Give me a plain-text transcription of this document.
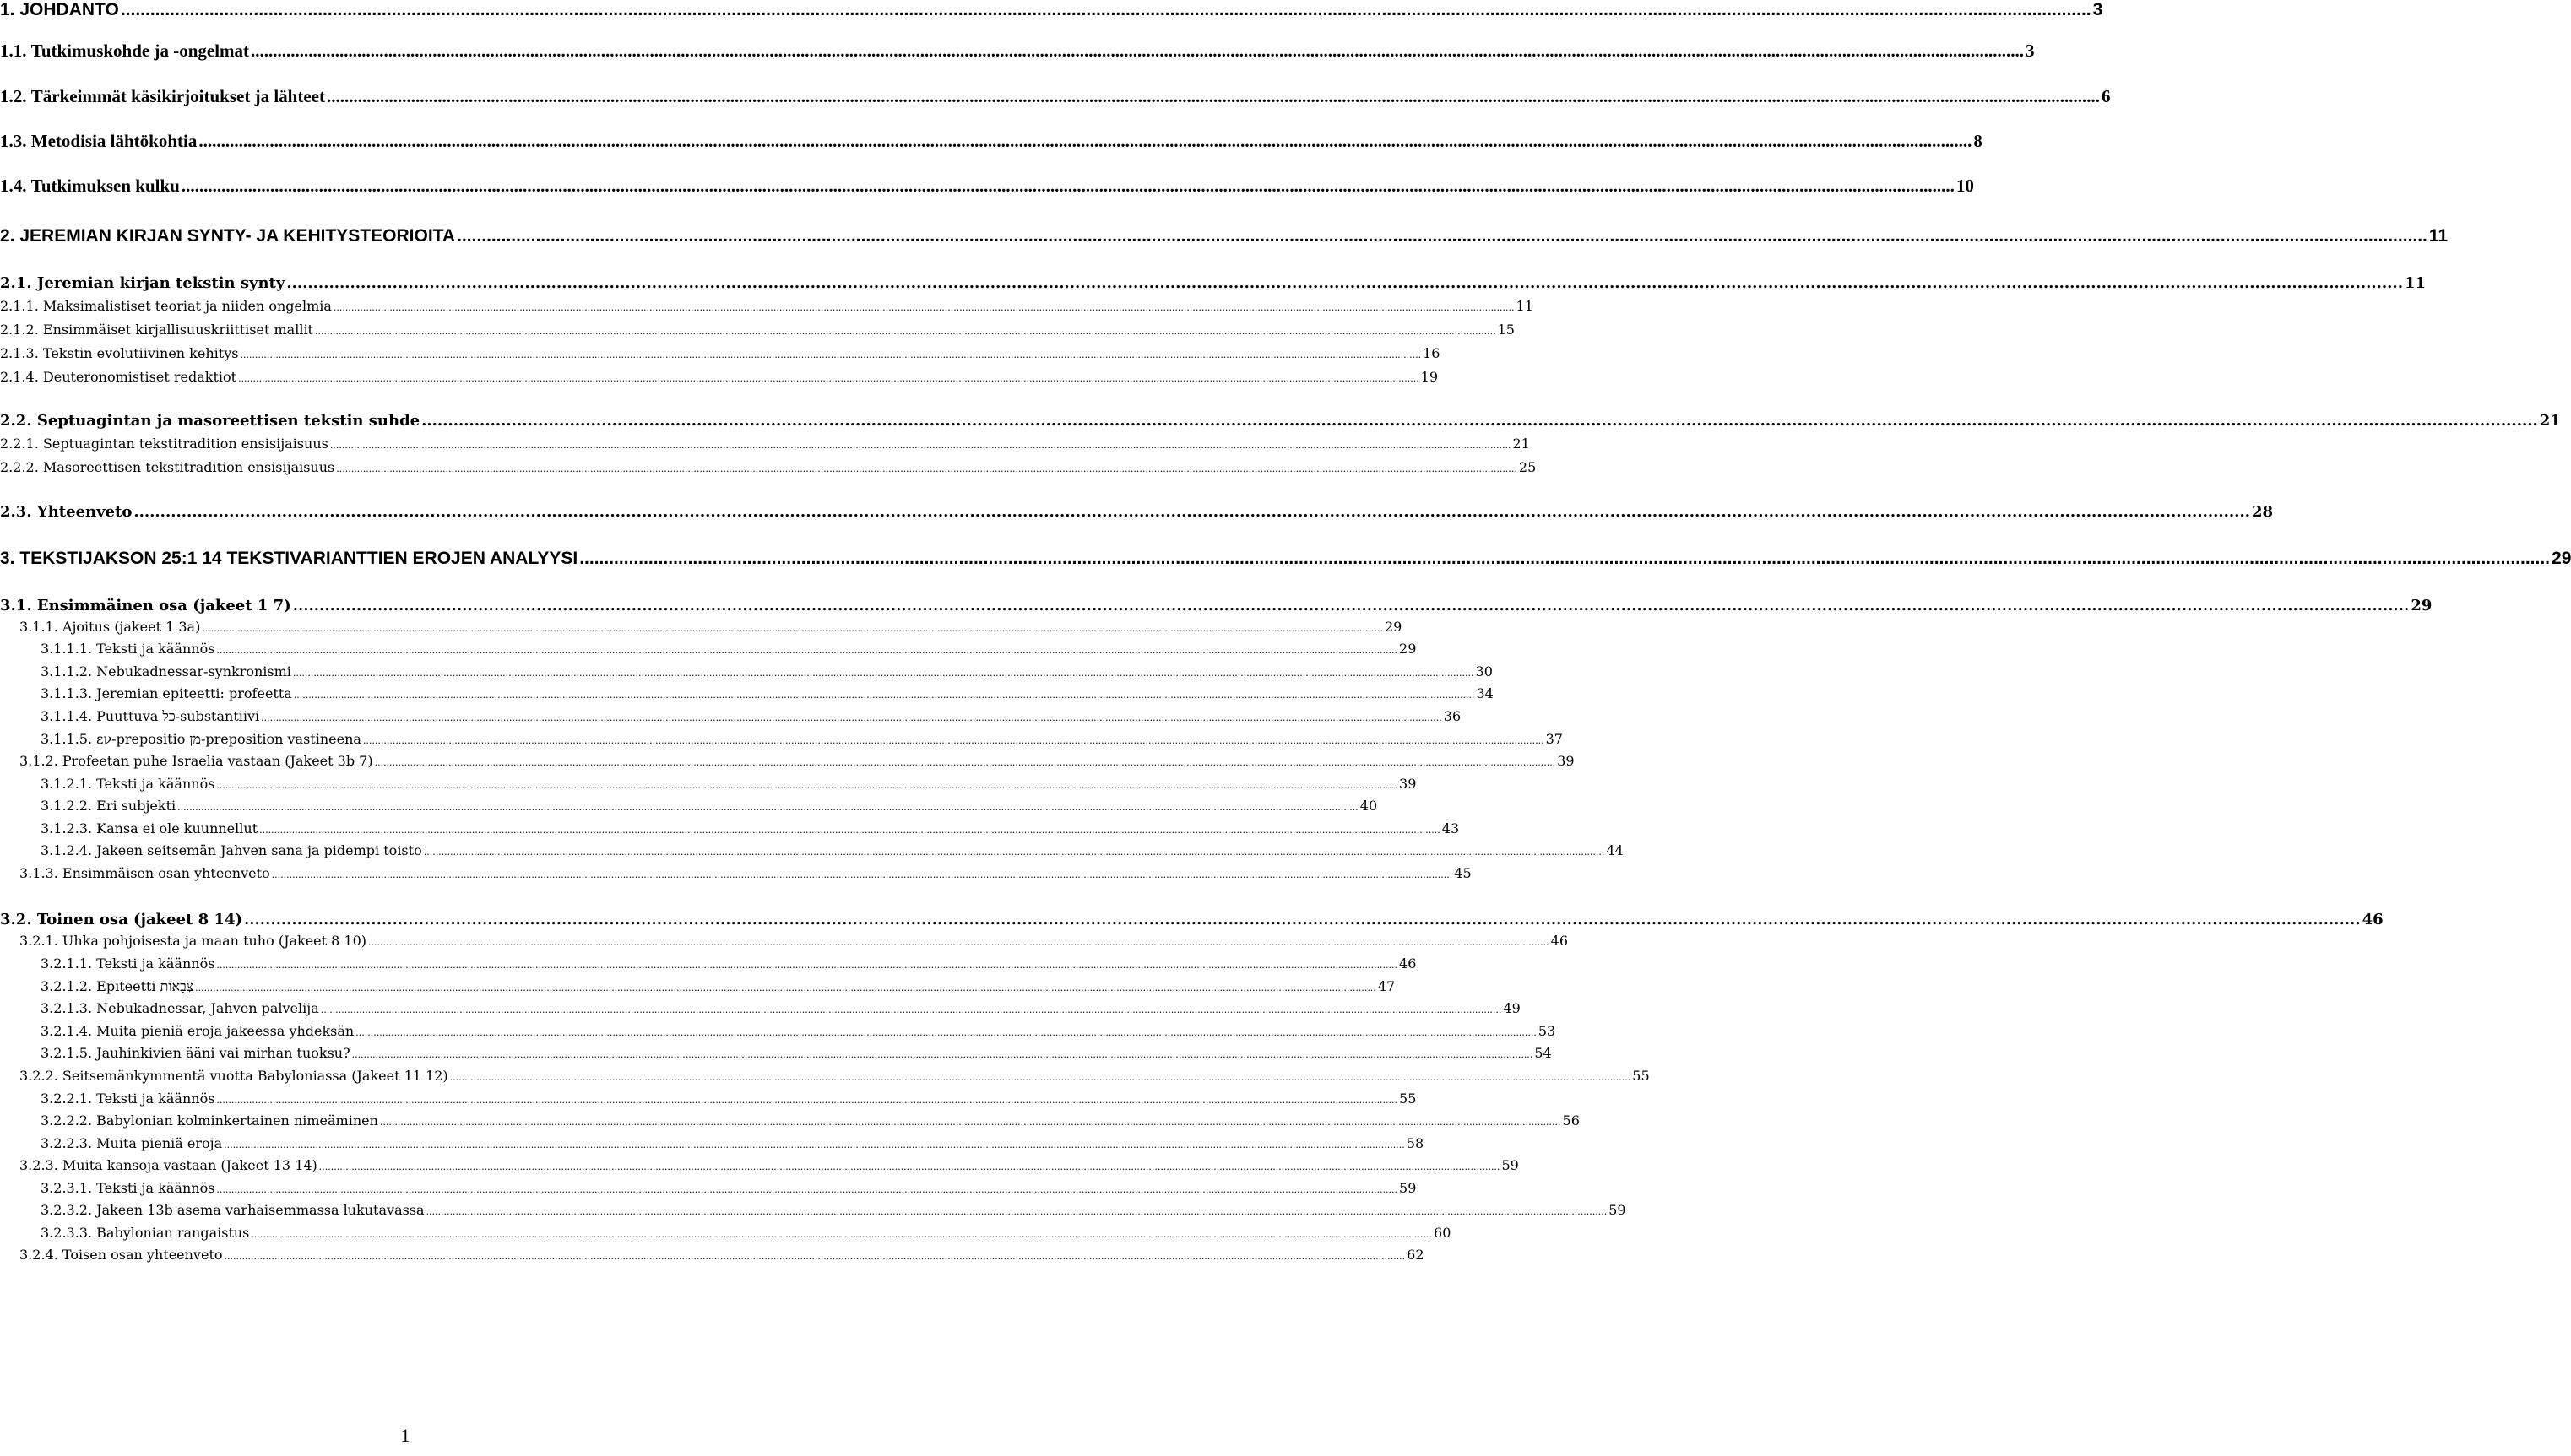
1. JOHDANTO ................................................................................................................................................................................................................................................................................................................................................................................................................ 3
1.1. Tutkimuskohde ja -ongelmat ................................................................................................................................................................................................................................................................................................................................................................................................................ 3
1.2. Tärkeimmät käsikirjoitukset ja lähteet ................................................................................................................................................................................................................................................................................................................................................................................................................ 6
1.3. Metodisia lähtökohtia ................................................................................................................................................................................................................................................................................................................................................................................................................ 8
1.4. Tutkimuksen kulku ................................................................................................................................................................................................................................................................................................................................................................................................................ 10
2. JEREMIAN KIRJAN SYNTY- JA KEHITYSTEORIOITA ................................................................................................................................................................................................................................................................................................................................................................................................................ 11
2.1. Jeremian kirjan tekstin synty ................................................................................................................................................................................................................................................................................................................................................................................................................ 11
2.1.1. Maksimalistiset teoriat ja niiden ongelmia ................................................................................................................................................................................................................................................................................................................................................................................................................ 11
2.1.2. Ensimmäiset kirjallisuuskriittiset mallit ................................................................................................................................................................................................................................................................................................................................................................................................................ 15
2.1.3. Tekstin evolutiivinen kehitys ................................................................................................................................................................................................................................................................................................................................................................................................................ 16
2.1.4. Deuteronomistiset redaktiot ................................................................................................................................................................................................................................................................................................................................................................................................................ 19
2.2. Septuagintan ja masoreettisen tekstin suhde ................................................................................................................................................................................................................................................................................................................................................................................................................ 21
2.2.1. Septuagintan tekstitradition ensisijaisuus ................................................................................................................................................................................................................................................................................................................................................................................................................ 21
2.2.2. Masoreettisen tekstitradition ensisijaisuus ................................................................................................................................................................................................................................................................................................................................................................................................................ 25
2.3. Yhteenveto ................................................................................................................................................................................................................................................................................................................................................................................................................ 28
3. TEKSTIJAKSON 25:1 14 TEKSTIVARIANTTIEN EROJEN ANALYYSI ................................................................................................................................................................................................................................................................................................................................................................................................................ 29
3.1. Ensimmäinen osa (jakeet 1 7) ................................................................................................................................................................................................................................................................................................................................................................................................................ 29
3.1.1. Ajoitus (jakeet 1 3a) ................................................................................................................................................................................................................................................................................................................................................................................................................ 29
3.1.1.1. Teksti ja käännös ................................................................................................................................................................................................................................................................................................................................................................................................................ 29
3.1.1.2. Nebukadnessar-synkronismi ................................................................................................................................................................................................................................................................................................................................................................................................................ 30
3.1.1.3. Jeremian epiteetti: profeetta ................................................................................................................................................................................................................................................................................................................................................................................................................ 34
3.1.1.4. Puuttuva כל-substantiivi ................................................................................................................................................................................................................................................................................................................................................................................................................ 36
3.1.1.5. εν-prepositio מן-preposition vastineena ................................................................................................................................................................................................................................................................................................................................................................................................................ 37
3.1.2. Profeetan puhe Israelia vastaan (Jakeet 3b 7) ................................................................................................................................................................................................................................................................................................................................................................................................................ 39
3.1.2.1. Teksti ja käännös ................................................................................................................................................................................................................................................................................................................................................................................................................ 39
3.1.2.2. Eri subjekti ................................................................................................................................................................................................................................................................................................................................................................................................................ 40
3.1.2.3. Kansa ei ole kuunnellut ................................................................................................................................................................................................................................................................................................................................................................................................................ 43
3.1.2.4. Jakeen seitsemän Jahven sana ja pidempi toisto ................................................................................................................................................................................................................................................................................................................................................................................................................ 44
3.1.3. Ensimmäisen osan yhteenveto ................................................................................................................................................................................................................................................................................................................................................................................................................ 45
3.2. Toinen osa (jakeet 8 14) ................................................................................................................................................................................................................................................................................................................................................................................................................ 46
3.2.1. Uhka pohjoisesta ja maan tuho (Jakeet 8 10) ................................................................................................................................................................................................................................................................................................................................................................................................................ 46
3.2.1.1. Teksti ja käännös ................................................................................................................................................................................................................................................................................................................................................................................................................ 46
3.2.1.2. Epiteetti צְבָאוֹת ................................................................................................................................................................................................................................................................................................................................................................................................................ 47
3.2.1.3. Nebukadnessar, Jahven palvelija ................................................................................................................................................................................................................................................................................................................................................................................................................ 49
3.2.1.4. Muita pieniä eroja jakeessa yhdeksän ................................................................................................................................................................................................................................................................................................................................................................................................................ 53
3.2.1.5. Jauhinkivien ääni vai mirhan tuoksu? ................................................................................................................................................................................................................................................................................................................................................................................................................ 54
3.2.2. Seitsemänkymmentä vuotta Babyloniassa (Jakeet 11 12) ................................................................................................................................................................................................................................................................................................................................................................................................................ 55
3.2.2.1. Teksti ja käännös ................................................................................................................................................................................................................................................................................................................................................................................................................ 55
3.2.2.2. Babylonian kolminkertainen nimeäminen ................................................................................................................................................................................................................................................................................................................................................................................................................ 56
3.2.2.3. Muita pieniä eroja ................................................................................................................................................................................................................................................................................................................................................................................................................ 58
3.2.3. Muita kansoja vastaan (Jakeet 13 14) ................................................................................................................................................................................................................................................................................................................................................................................................................ 59
3.2.3.1. Teksti ja käännös ................................................................................................................................................................................................................................................................................................................................................................................................................ 59
3.2.3.2. Jakeen 13b asema varhaisemmassa lukutavassa ................................................................................................................................................................................................................................................................................................................................................................................................................ 59
3.2.3.3. Babylonian rangaistus ................................................................................................................................................................................................................................................................................................................................................................................................................ 60
3.2.4. Toisen osan yhteenveto ................................................................................................................................................................................................................................................................................................................................................................................................................ 62
1
